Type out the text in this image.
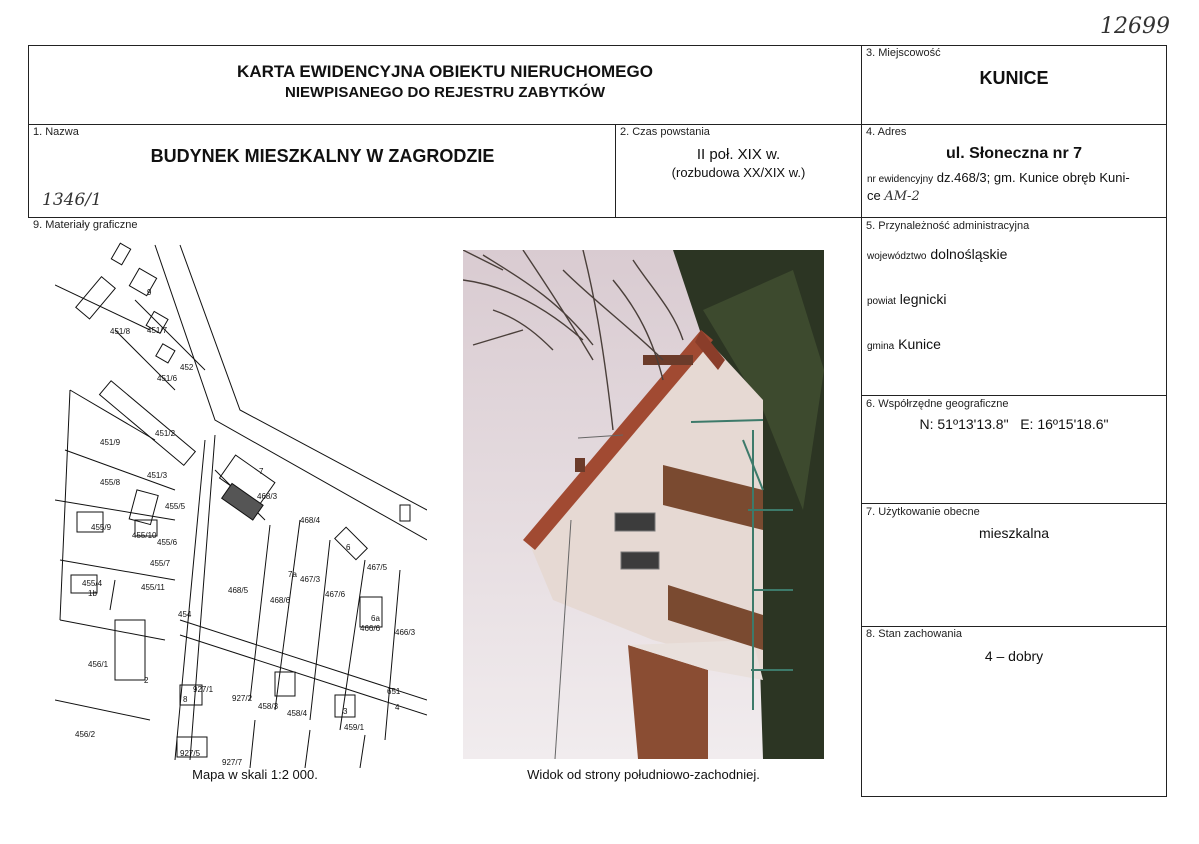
12699
KARTA EWIDENCYJNA OBIEKTU NIERUCHOMEGO
NIEWPISANEGO DO REJESTRU ZABYTKÓW
3. Miejscowość
KUNICE
1. Nazwa
BUDYNEK MIESZKALNY W ZAGRODZIE
1346/1
2. Czas powstania
II poł. XIX w.
(rozbudowa XX/XIX w.)
4. Adres
ul. Słoneczna nr 7
nr ewidencyjny dz.468/3; gm. Kunice obręb Kuni-
ce AM-2
9. Materiały graficzne	5. Przynależność administracyjna
województwo dolnośląskie
powiat legnicki
gmina Kunice
6. Współrzędne geograficzne
N: 51º13'13.8"   E: 16º15'18.6"
7. Użytkowanie obecne
mieszkalna
8. Stan zachowania
4 – dobry
451/8 451/7
452
451/6
451/9
451/2
451/3
455/8
455/5
455/10
455/6
455/9
455/7
455/4	455/11
454
468/5
468/6
468/3
468/4
467/3
467/6
467/5
466/3
466/6
456/1
456/2
927/1
927/2
458/3
458/4
459/1
651
927/5
927/7
9
7
7a
6
6a
2
8
3	4
1b
Mapa w skali 1:2 000.	Widok od strony południowo-zachodniej.
